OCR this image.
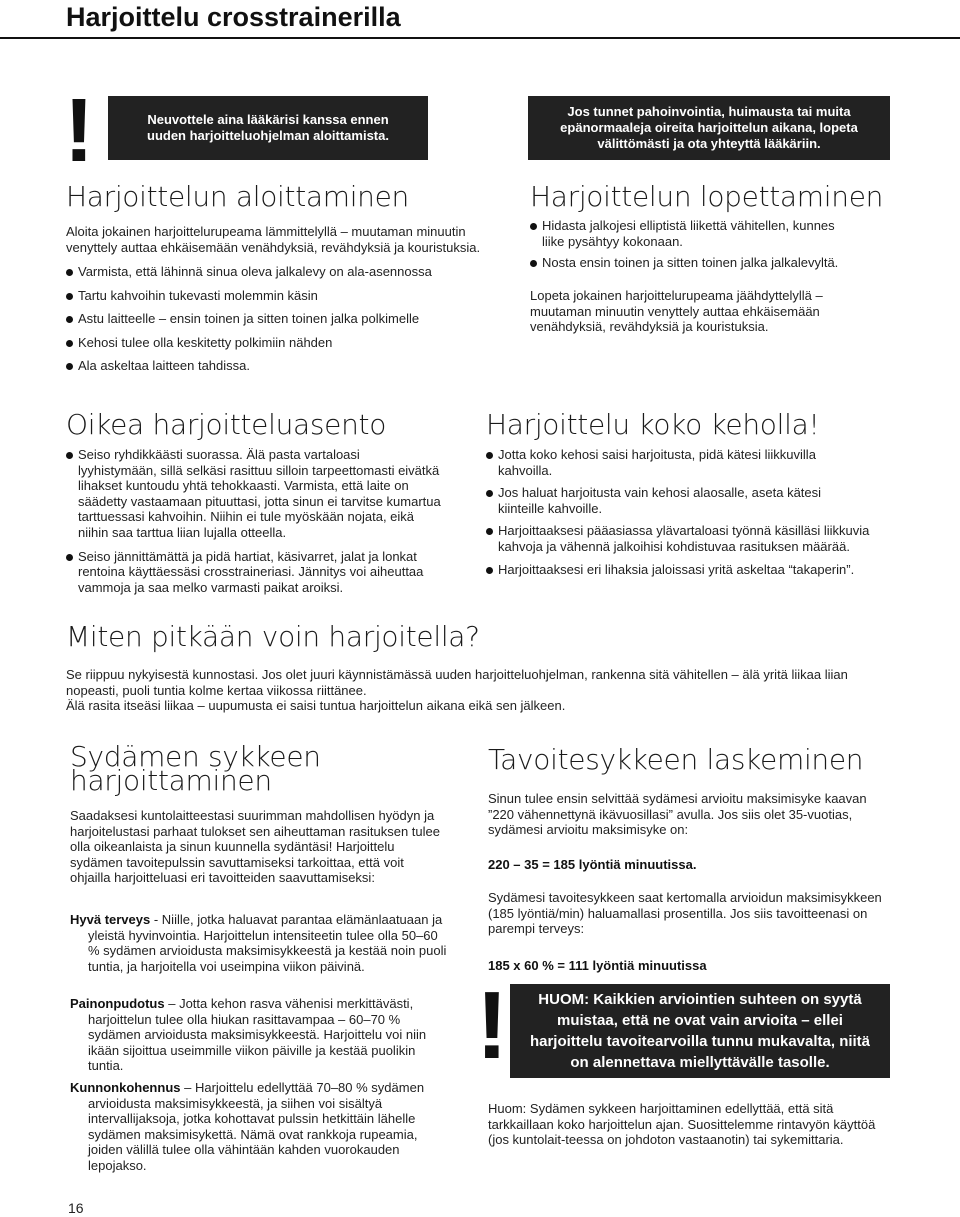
Harjoittelu crosstrainerilla
!	Neuvottele aina lääkärisi kanssa ennen uuden harjoitteluohjelman aloittamista.
Jos tunnet pahoinvointia, huimausta tai muita epänormaaleja oireita harjoittelun aikana, lopeta välittömästi ja ota yhteyttä lääkäriin.
Harjoittelun aloittaminen
Aloita jokainen harjoittelurupeama lämmittelyllä – muutaman minuutin venyttely auttaa ehkäisemään venähdyksiä, revähdyksiä ja kouristuksia.
Varmista, että lähinnä sinua oleva jalkalevy on ala-asennossa
Tartu kahvoihin tukevasti molemmin käsin
Astu laitteelle – ensin toinen ja sitten toinen jalka polkimelle
Kehosi tulee olla keskitetty polkimiin nähden
Ala askeltaa laitteen tahdissa.
Harjoittelun lopettaminen
Hidasta jalkojesi elliptistä liikettä vähitellen, kunnes liike pysähtyy kokonaan.
Nosta ensin toinen ja sitten toinen jalka jalkalevyltä.
Lopeta jokainen harjoittelurupeama jäähdyttelyllä – muutaman minuutin venyttely auttaa ehkäisemään venähdyksiä, revähdyksiä ja kouristuksia.
Oikea harjoitteluasento
Seiso ryhdikkäästi suorassa. Älä pasta vartaloasi lyyhistymään, sillä selkäsi rasittuu silloin tarpeettomasti eivätkä lihakset kuntoudu yhtä tehokkaasti. Varmista, että laite on säädetty vastaamaan pituuttasi, jotta sinun ei tarvitse kumartua tarttuessasi kahvoihin. Niihin ei tule myöskään nojata, eikä niihin saa tarttua liian lujalla otteella.
Seiso jännittämättä ja pidä hartiat, käsivarret, jalat ja lonkat rentoina käyttäessäsi crosstraineriasi. Jännitys voi aiheuttaa vammoja ja saa melko varmasti paikat aroiksi.
Harjoittelu koko keholla!
Jotta koko kehosi saisi harjoitusta, pidä kätesi liikkuvilla kahvoilla.
Jos haluat harjoitusta vain kehosi alaosalle, aseta kätesi kiinteille kahvoille.
Harjoittaaksesi pääasiassa ylävartaloasi työnnä käsilläsi liikkuvia kahvoja ja vähennä jalkoihisi kohdistuvaa rasituksen määrää.
Harjoittaaksesi eri lihaksia jaloissasi yritä askeltaa “takaperin”.
Miten pitkään voin harjoitella?
Se riippuu nykyisestä kunnostasi. Jos olet juuri käynnistämässä uuden harjoitteluohjelman, rankenna sitä vähitellen – älä yritä liikaa liian nopeasti, puoli tuntia kolme kertaa viikossa riittänee.
Älä rasita itseäsi liikaa – uupumusta ei saisi tuntua harjoittelun aikana eikä sen jälkeen.
Sydämen sykkeen harjoittaminen
Saadaksesi kuntolaitteestasi suurimman mahdollisen hyödyn ja harjoitelustasi parhaat tulokset sen aiheuttaman rasituksen tulee olla oikeanlaista ja sinun kuunnella sydäntäsi! Harjoittelu sydämen tavoitepulssin savuttamiseksi tarkoittaa, että voit ohjailla harjoitteluasi eri tavoitteiden saavuttamiseksi:
Hyvä terveys - Niille, jotka haluavat parantaa elämänlaatuaan ja
yleistä hyvinvointia. Harjoittelun intensiteetin tulee olla 50–60 % sydämen arvioidusta maksimisykkeestä ja kestää noin puoli tuntia, ja harjoitella voi useimpina viikon päivinä.
Painonpudotus – Jotta kehon rasva vähenisi merkittävästi,
harjoittelun tulee olla hiukan rasittavampaa – 60–70 % sydämen arvioidusta maksimisykkeestä. Harjoittelu voi niin ikään sijoittua useimmille viikon päiville ja kestää puolikin tuntia.
Kunnonkohennus – Harjoittelu edellyttää 70–80 % sydämen
arvioidusta maksimisykkeestä, ja siihen voi sisältyä intervallijaksoja, jotka kohottavat pulssin hetkittäin lähelle sydämen maksimisykettä. Nämä ovat rankkoja rupeamia, joiden välillä tulee olla vähintään kahden vuorokauden lepojakso.
Tavoitesykkeen laskeminen
Sinun tulee ensin selvittää sydämesi arvioitu maksimisyke kaavan ”220 vähennettynä ikävuosillasi” avulla. Jos siis olet 35-vuotias, sydämesi arvioitu maksimisyke on:
220 – 35 = 185 lyöntiä minuutissa.
Sydämesi tavoitesykkeen saat kertomalla arvioidun maksimisykkeen (185 lyöntiä/min) haluamallasi prosentilla. Jos siis tavoitteenasi on parempi terveys:
185 x 60 % = 111 lyöntiä minuutissa
!	HUOM: Kaikkien arviointien suhteen on syytä muistaa, että ne ovat vain arvioita – ellei harjoittelu tavoitearvoilla tunnu mukavalta, niitä on alennettava miellyttävälle tasolle.
Huom: Sydämen sykkeen harjoittaminen edellyttää, että sitä tarkkaillaan koko harjoittelun ajan. Suosittelemme rintavyön käyttöä (jos kuntolait-teessa on johdoton vastaanotin) tai sykemittaria.
16
